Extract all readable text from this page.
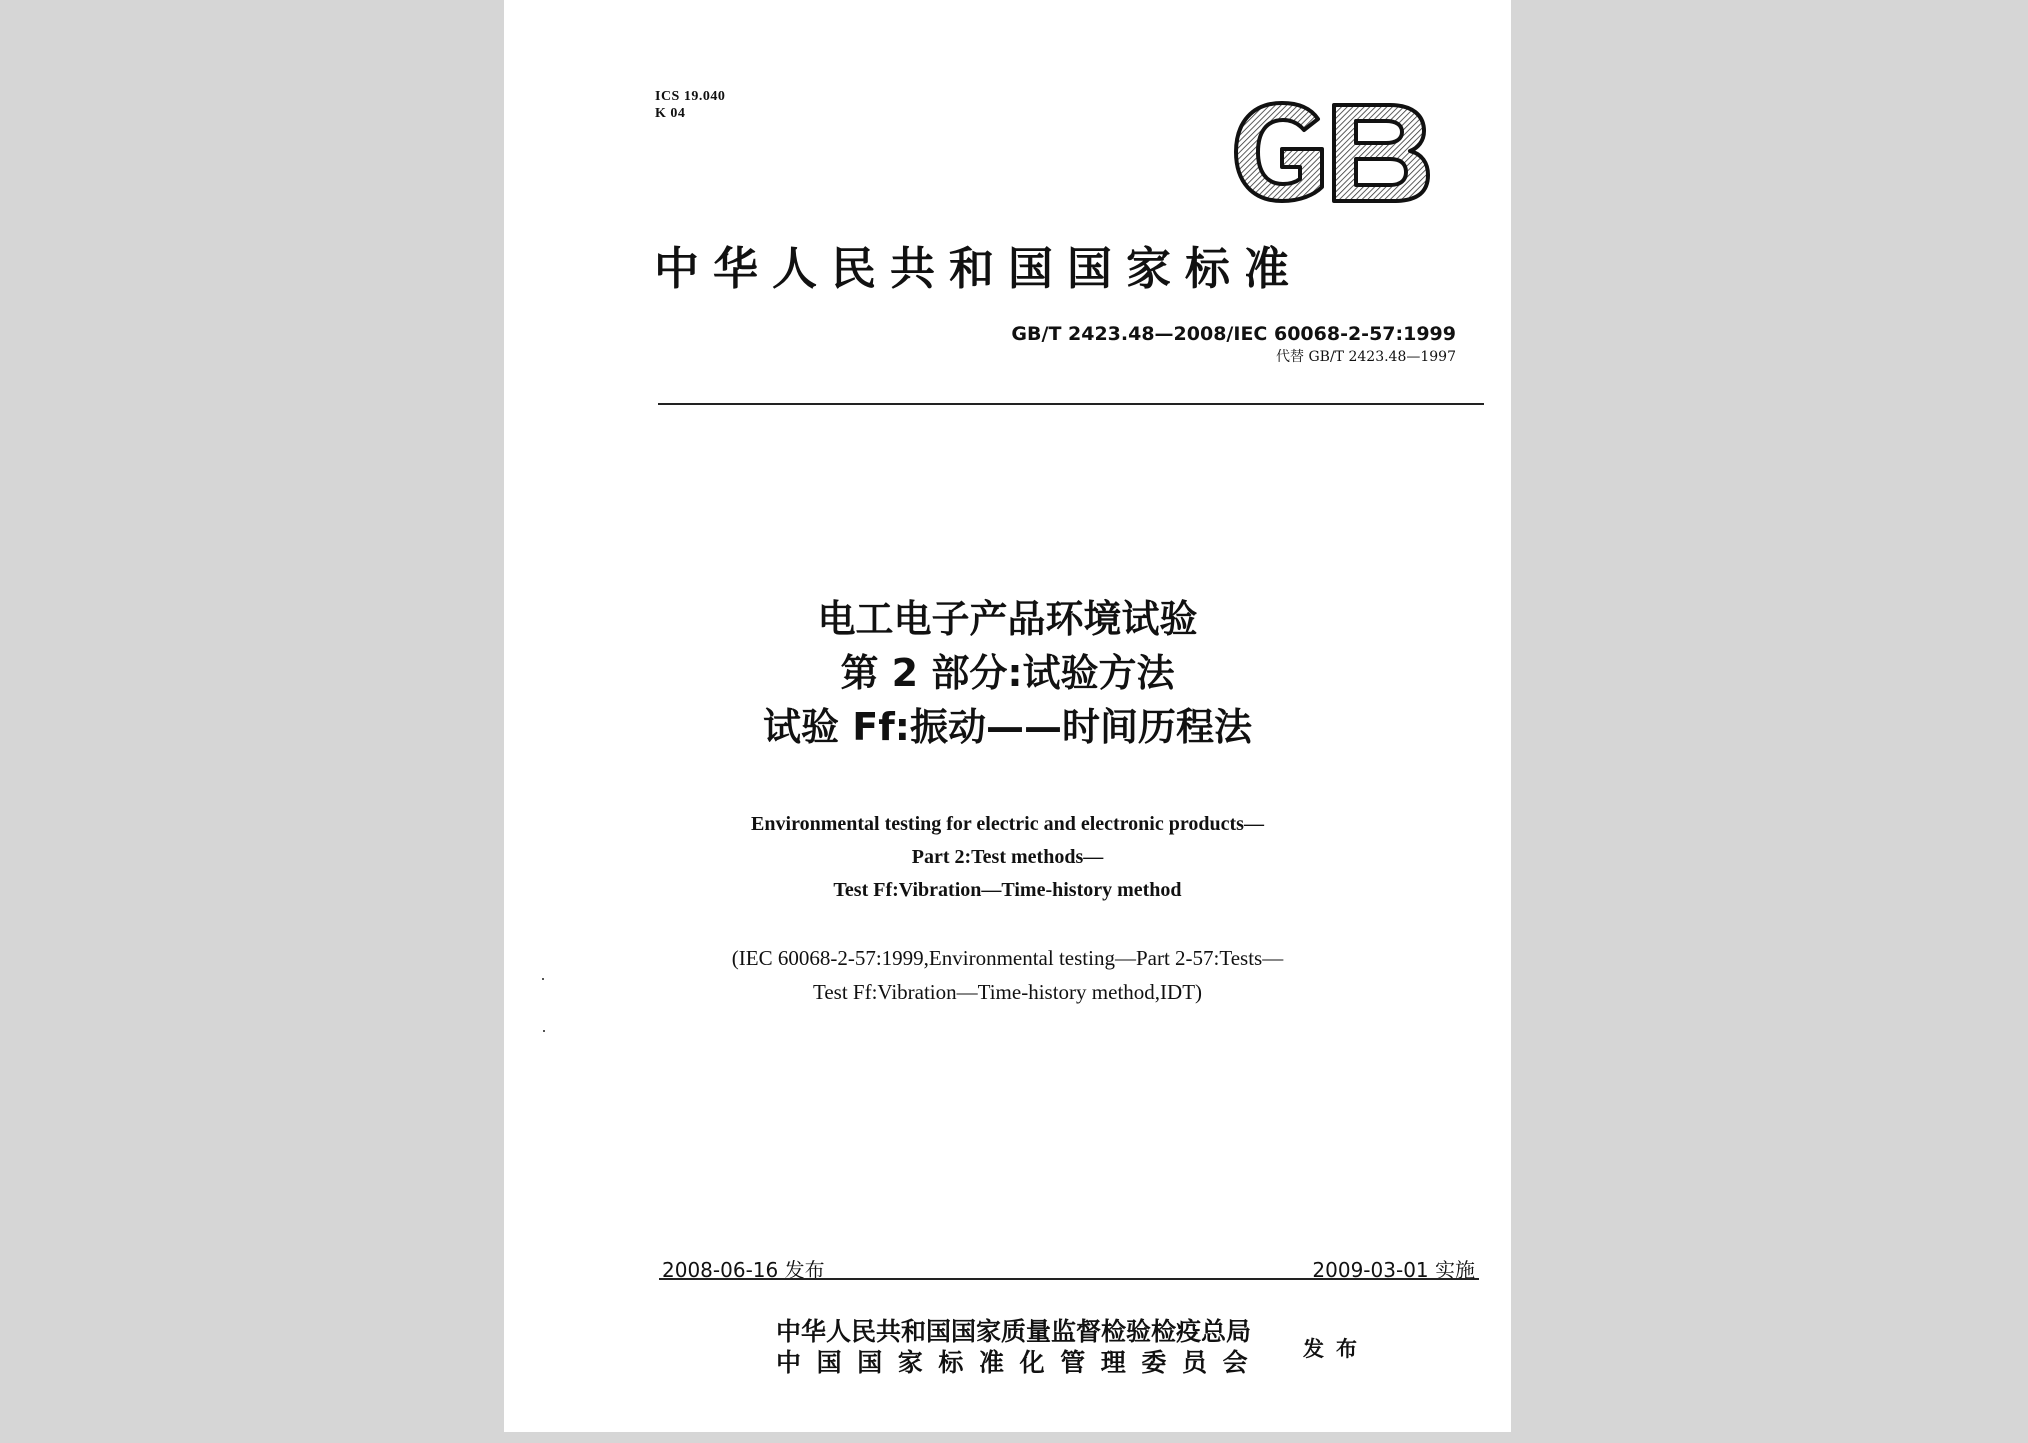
ICS 19.040
K 04
中华人民共和国国家标准
GB/T 2423.48—2008/IEC 60068-2-57:1999
代替 GB/T 2423.48—1997
电工电子产品环境试验
第 2 部分:试验方法
试验 Ff:振动——时间历程法
Environmental testing for electric and electronic products—
Part 2:Test methods—
Test Ff:Vibration—Time-history method
(IEC 60068-2-57:1999,Environmental testing—Part 2-57:Tests—
Test Ff:Vibration—Time-history method,IDT)
2008-06-16 发布	2009-03-01 实施
中华人民共和国国家质量监督检验检疫总局
中国国家标准化管理委员会 发布
